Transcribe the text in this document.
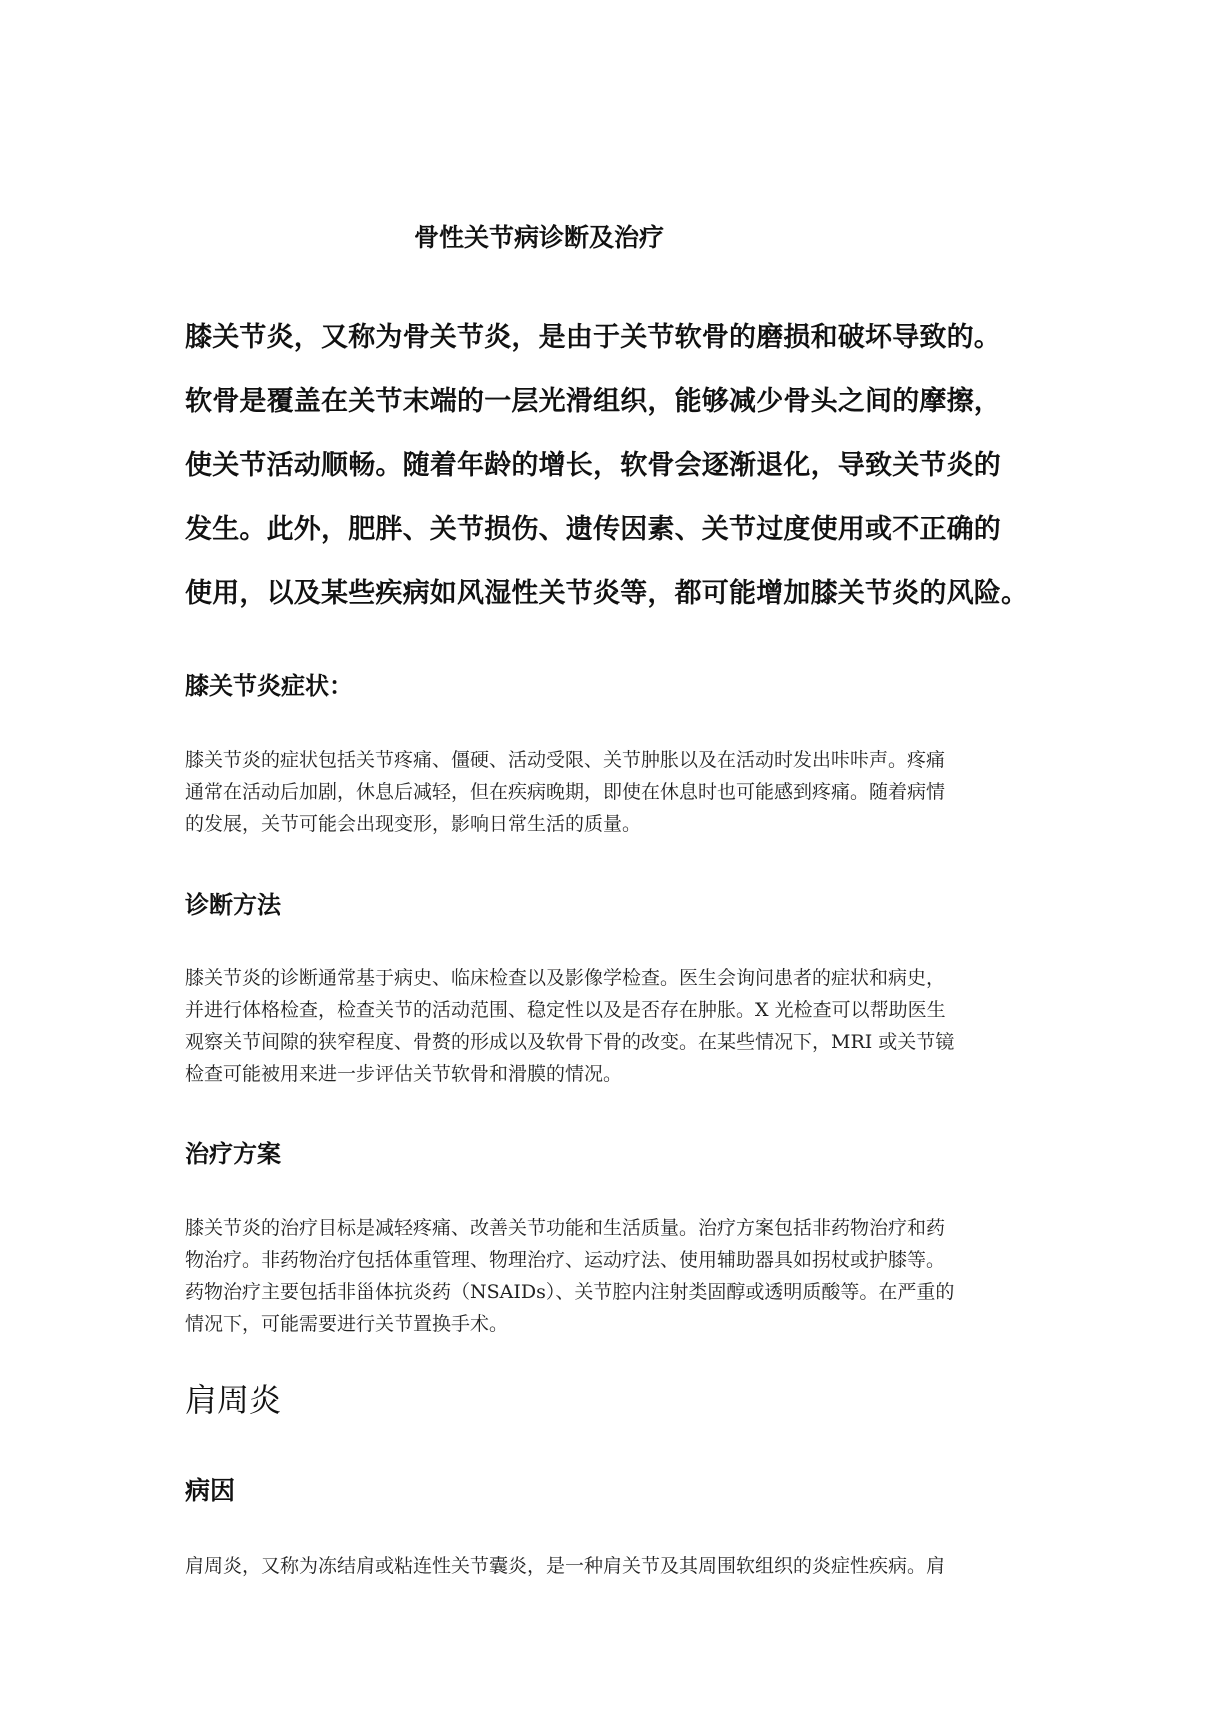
骨性关节病诊断及治疗
膝关节炎，又称为骨关节炎，是由于关节软骨的磨损和破坏导致的。
软骨是覆盖在关节末端的一层光滑组织，能够减少骨头之间的摩擦，
使关节活动顺畅。随着年龄的增长，软骨会逐渐退化，导致关节炎的
发生。此外，肥胖、关节损伤、遗传因素、关节过度使用或不正确的
使用，以及某些疾病如风湿性关节炎等，都可能增加膝关节炎的风险。
膝关节炎症状：
膝关节炎的症状包括关节疼痛、僵硬、活动受限、关节肿胀以及在活动时发出咔咔声。疼痛
通常在活动后加剧，休息后减轻，但在疾病晚期，即使在休息时也可能感到疼痛。随着病情
的发展，关节可能会出现变形，影响日常生活的质量。
诊断方法
膝关节炎的诊断通常基于病史、临床检查以及影像学检查。医生会询问患者的症状和病史，
并进行体格检查，检查关节的活动范围、稳定性以及是否存在肿胀。X 光检查可以帮助医生
观察关节间隙的狭窄程度、骨赘的形成以及软骨下骨的改变。在某些情况下，MRI 或关节镜
检查可能被用来进一步评估关节软骨和滑膜的情况。
治疗方案
膝关节炎的治疗目标是减轻疼痛、改善关节功能和生活质量。治疗方案包括非药物治疗和药
物治疗。非药物治疗包括体重管理、物理治疗、运动疗法、使用辅助器具如拐杖或护膝等。
药物治疗主要包括非甾体抗炎药（NSAIDs）、关节腔内注射类固醇或透明质酸等。在严重的
情况下，可能需要进行关节置换手术。
肩周炎
病因
肩周炎，又称为冻结肩或粘连性关节囊炎，是一种肩关节及其周围软组织的炎症性疾病。肩
